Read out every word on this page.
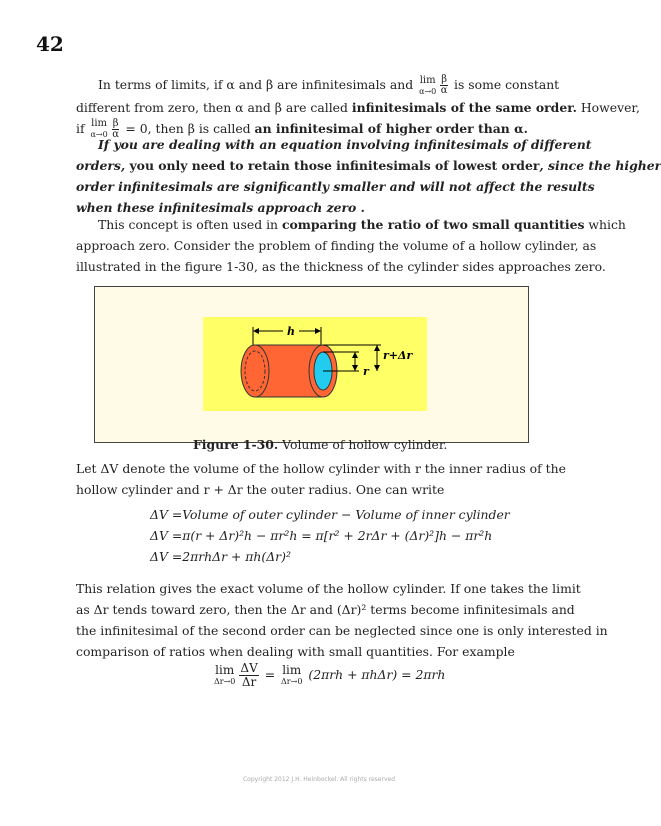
42
In terms of limits, if α and β are infinitesimals and lim
$\alpha\to 0 \frac{\beta}{\alpha}$ is some constant
different from zero, then α and β are called infinitesimals of the same order. However,
if lim
$\alpha\to 0 \frac{\beta}{\alpha} = 0$, then β is called an infinitesimal of higher order than α.
If you are dealing with an equation involving infinitesimals of different
orders, you only need to retain those infinitesimals of lowest order, since the higher
order infinitesimals are significantly smaller and will not affect the results
when these infinitesimals approach zero .
This concept is often used in comparing the ratio of two small quantities which
approach zero. Consider the problem of finding the volume of a hollow cylinder, as
illustrated in the figure 1-30, as the thickness of the cylinder sides approaches zero.
h
r
r+Δr
Figure 1-30. Volume of hollow cylinder.
Let ΔV denote the volume of the hollow cylinder with r the inner radius of the
hollow cylinder and r + Δr the outer radius. One can write
ΔV =Volume of outer cylinder − Volume of inner cylinder
ΔV =π(r + Δr)²h − πr²h = π[r² + 2rΔr + (Δr)²]h − πr²h
ΔV =2πrhΔr + πh(Δr)²
This relation gives the exact volume of the hollow cylinder. If one takes the limit
as Δr tends toward zero, then the Δr and (Δr)² terms become infinitesimals and
the infinitesimal of the second order can be neglected since one is only interested in
comparison of ratios when dealing with small quantities. For example
lim
$\Delta r\to 0 \frac{\Delta V}{\Delta r} = \lim$
Δr→0 (2πrh + πhΔr) = 2πrh
Copyright 2012 J.H. Heinbockel. All rights reserved
